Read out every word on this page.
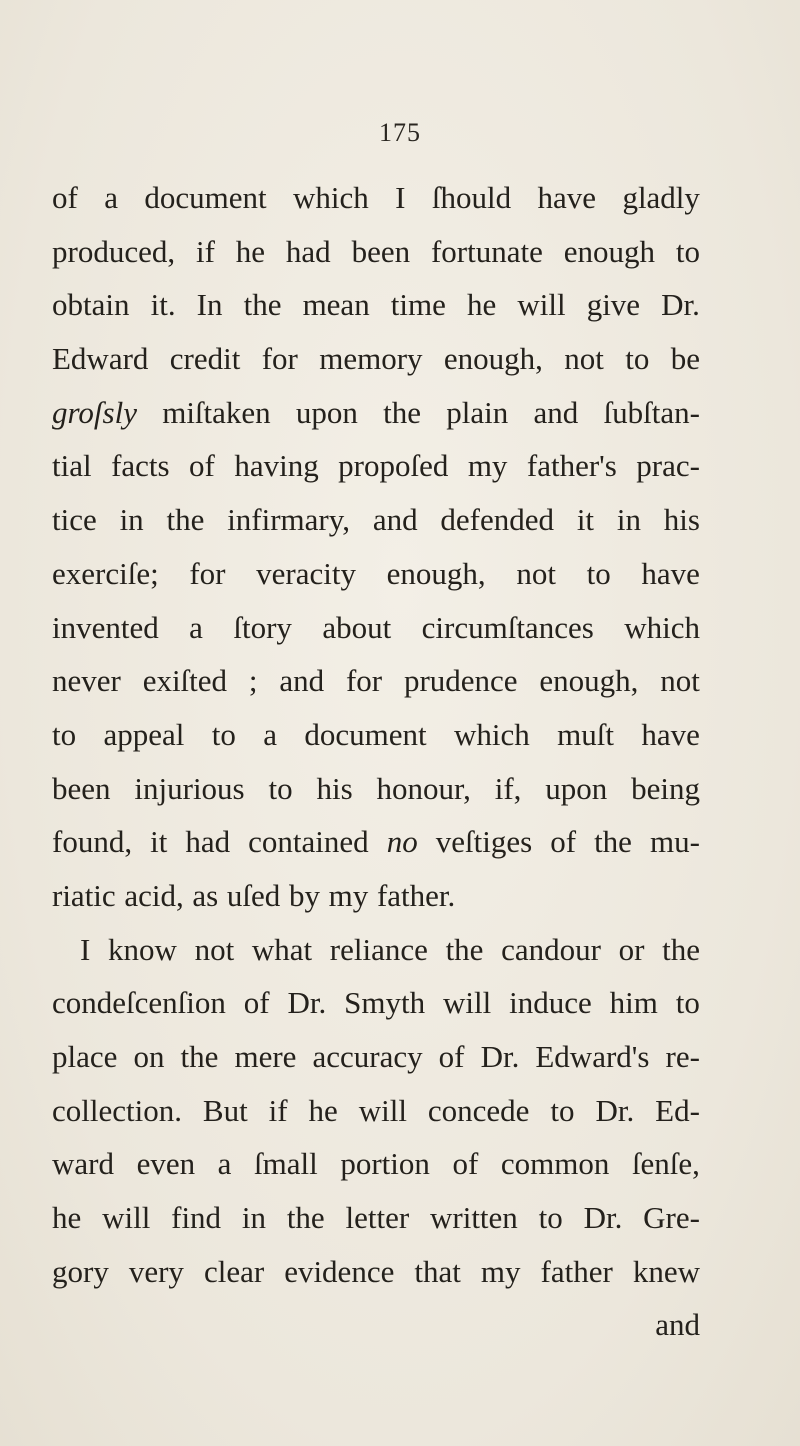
175
of a document which I ſhould have gladly
produced, if he had been fortunate enough to
obtain it. In the mean time he will give Dr.
Edward credit for memory enough, not to be
groſsly miſtaken upon the plain and ſubſtan-
tial facts of having propoſed my father's prac-
tice in the infirmary, and defended it in his
exerciſe; for veracity enough, not to have
invented a ſtory about circumſtances which
never exiſted ; and for prudence enough, not
to appeal to a document which muſt have
been injurious to his honour, if, upon being
found, it had contained no veſtiges of the mu-
riatic acid, as uſed by my father.
I know not what reliance the candour or the
condeſcenſion of Dr. Smyth will induce him to
place on the mere accuracy of Dr. Edward's re-
collection. But if he will concede to Dr. Ed-
ward even a ſmall portion of common ſenſe,
he will find in the letter written to Dr. Gre-
gory very clear evidence that my father knew
and
